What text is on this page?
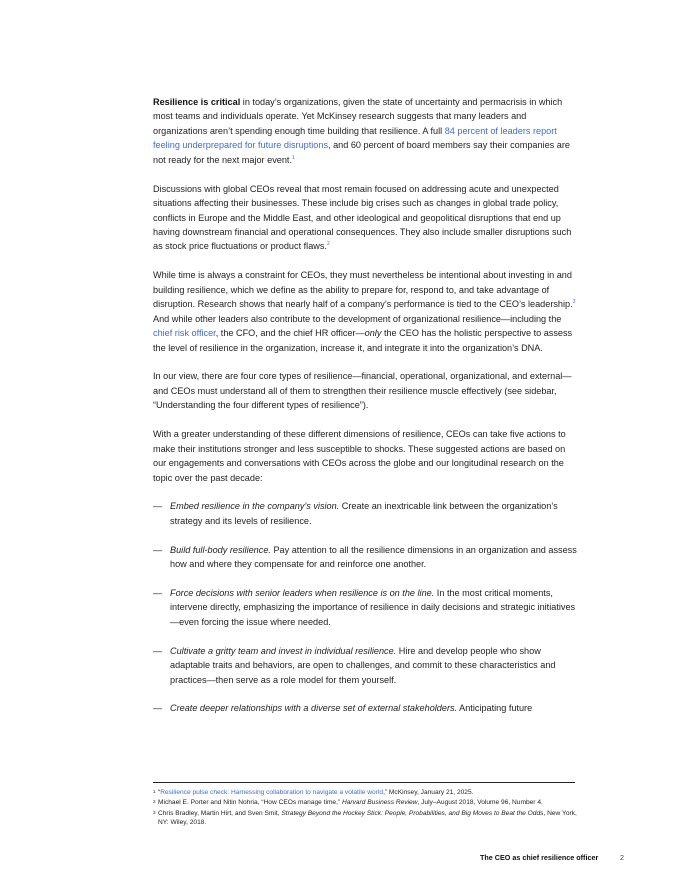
Resilience is critical in today’s organizations, given the state of uncertainty and permacrisis in which most teams and individuals operate. Yet McKinsey research suggests that many leaders and organizations aren’t spending enough time building that resilience. A full 84 percent of leaders report feeling underprepared for future disruptions, and 60 percent of board members say their companies are not ready for the next major event.$^1$

Discussions with global CEOs reveal that most remain focused on addressing acute and unexpected situations affecting their businesses. These include big crises such as changes in global trade policy, conflicts in Europe and the Middle East, and other ideological and geopolitical disruptions that end up having downstream financial and operational consequences. They also include smaller disruptions such as stock price fluctuations or product flaws.$^2$

While time is always a constraint for CEOs, they must nevertheless be intentional about investing in and building resilience, which we define as the ability to prepare for, respond to, and take advantage of disruption. Research shows that nearly half of a company’s performance is tied to the CEO’s leadership.$^3$ And while other leaders also contribute to the development of organizational resilience—including the chief risk officer, the CFO, and the chief HR officer—only the CEO has the holistic perspective to assess the level of resilience in the organization, increase it, and integrate it into the organization’s DNA.

In our view, there are four core types of resilience—financial, operational, organizational, and external—and CEOs must understand all of them to strengthen their resilience muscle effectively (see sidebar, “Understanding the four different types of resilience”).

With a greater understanding of these different dimensions of resilience, CEOs can take five actions to make their institutions stronger and less susceptible to shocks. These suggested actions are based on our engagements and conversations with CEOs across the globe and our longitudinal research on the topic over the past decade:

— Embed resilience in the company’s vision. Create an inextricable link between the organization’s strategy and its levels of resilience.
— Build full-body resilience. Pay attention to all the resilience dimensions in an organization and assess how and where they compensate for and reinforce one another.
— Force decisions with senior leaders when resilience is on the line. In the most critical moments, intervene directly, emphasizing the importance of resilience in daily decisions and strategic initiatives—even forcing the issue where needed.
— Cultivate a gritty team and invest in individual resilience. Hire and develop people who show adaptable traits and behaviors, are open to challenges, and commit to these characteristics and practices—then serve as a role model for them yourself.
— Create deeper relationships with a diverse set of external stakeholders. Anticipating future
1 “Resilience pulse check: Harnessing collaboration to navigate a volatile world,” McKinsey, January 21, 2025.
2 Michael E. Porter and Nitin Nohria, “How CEOs manage time,” Harvard Business Review, July–August 2018, Volume 96, Number 4.
3 Chris Bradley, Martin Hirt, and Sven Smit, Strategy Beyond the Hockey Stick: People, Probabilities, and Big Moves to Beat the Odds, New York, NY: Wiley, 2018.
The CEO as chief resilience officer	2
